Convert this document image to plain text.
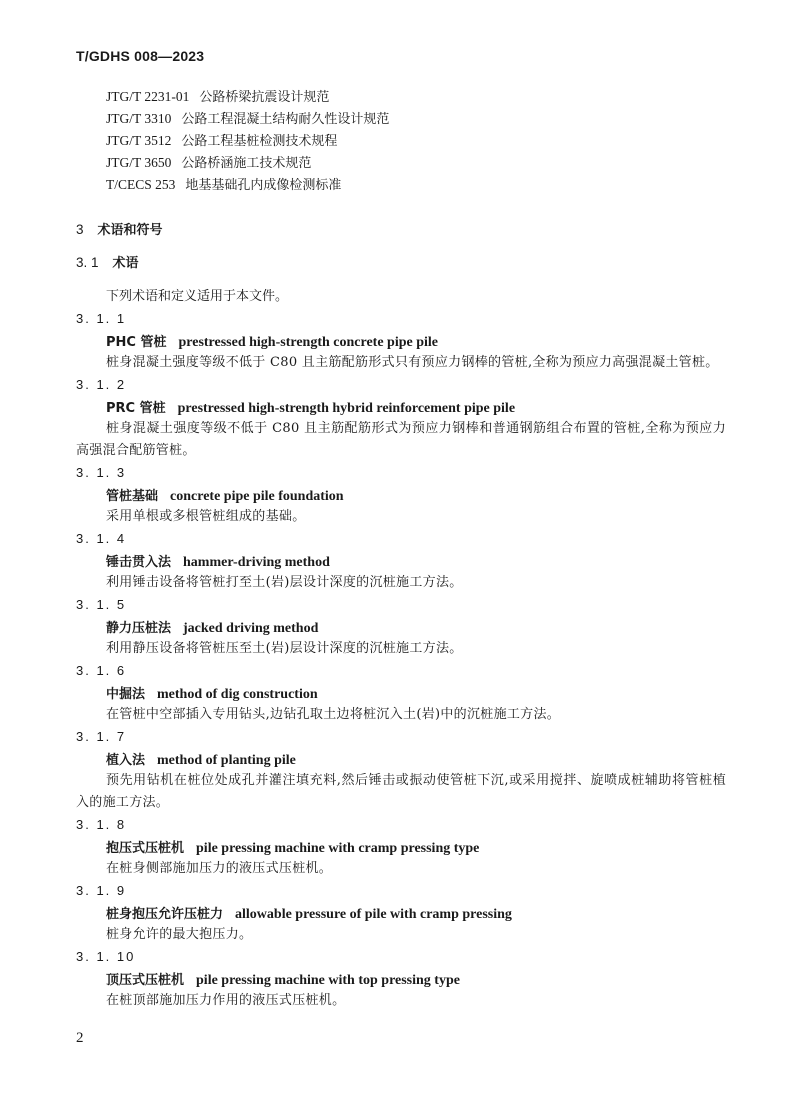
T/GDHS 008—2023
JTG/T 2231-01 公路桥梁抗震设计规范
JTG/T 3310 公路工程混凝土结构耐久性设计规范
JTG/T 3512 公路工程基桩检测技术规程
JTG/T 3650 公路桥涵施工技术规范
T/CECS 253 地基基础孔内成像检测标准
3 术语和符号
3. 1 术语
下列术语和定义适用于本文件。
3. 1. 1
PHC 管桩 prestressed high-strength concrete pipe pile

桩身混凝土强度等级不低于 C80 且主筋配筋形式只有预应力钢棒的管桩,全称为预应力高强混凝土管桩。

3. 1. 2
PRC 管桩 prestressed high-strength hybrid reinforcement pipe pile

桩身混凝土强度等级不低于 C80 且主筋配筋形式为预应力钢棒和普通钢筋组合布置的管桩,全称为预应力高强混合配筋管桩。

3. 1. 3
管桩基础 concrete pipe pile foundation

采用单根或多根管桩组成的基础。

3. 1. 4
锤击贯入法 hammer-driving method

利用锤击设备将管桩打至土(岩)层设计深度的沉桩施工方法。

3. 1. 5
静力压桩法 jacked driving method

利用静压设备将管桩压至土(岩)层设计深度的沉桩施工方法。

3. 1. 6
中掘法 method of dig construction

在管桩中空部插入专用钻头,边钻孔取土边将桩沉入土(岩)中的沉桩施工方法。

3. 1. 7
植入法 method of planting pile

预先用钻机在桩位处成孔并灌注填充料,然后锤击或振动使管桩下沉,或采用搅拌、旋喷成桩辅助将管桩植入的施工方法。

3. 1. 8
抱压式压桩机 pile pressing machine with cramp pressing type

在桩身侧部施加压力的液压式压桩机。

3. 1. 9
桩身抱压允许压桩力 allowable pressure of pile with cramp pressing

桩身允许的最大抱压力。

3. 1. 10
顶压式压桩机 pile pressing machine with top pressing type

在桩顶部施加压力作用的液压式压桩机。

2
